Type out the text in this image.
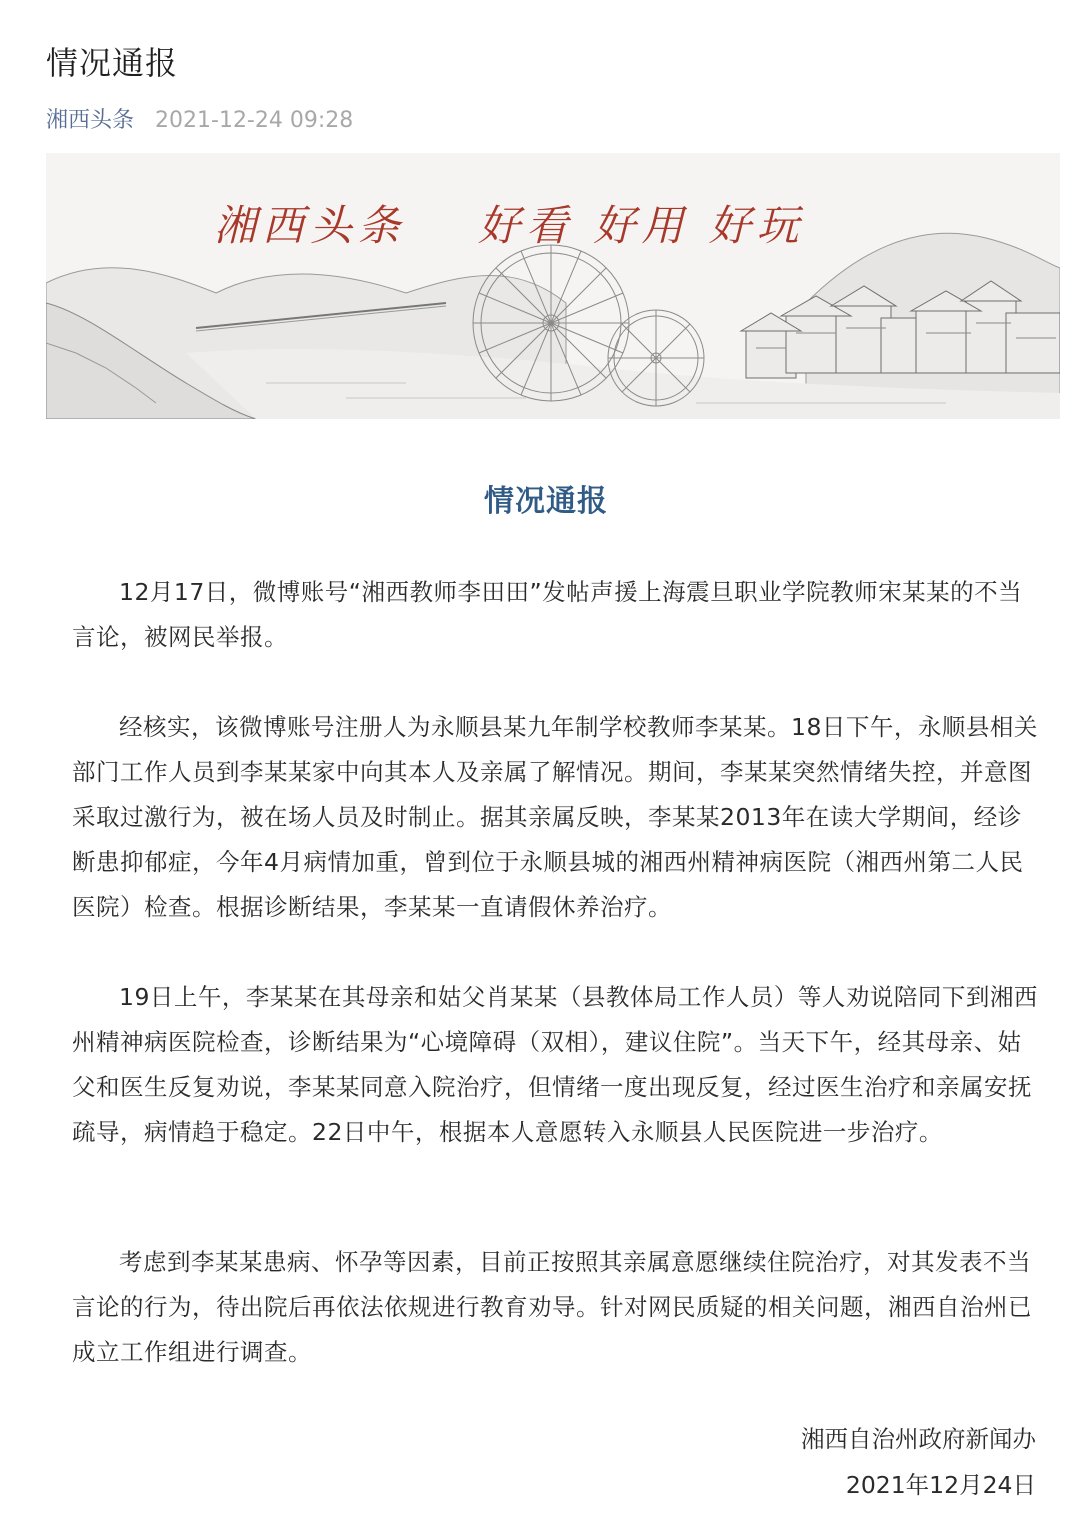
情况通报
湘西头条 2021-12-24 09:28
湘西头条 好看 好用 好玩
情况通报

12月17日，微博账号“湘西教师李田田”发帖声援上海震旦职业学院教师宋某某的不当言论，被网民举报。

经核实，该微博账号注册人为永顺县某九年制学校教师李某某。18日下午，永顺县相关部门工作人员到李某某家中向其本人及亲属了解情况。期间，李某某突然情绪失控，并意图采取过激行为，被在场人员及时制止。据其亲属反映，李某某2013年在读大学期间，经诊断患抑郁症，今年4月病情加重，曾到位于永顺县城的湘西州精神病医院（湘西州第二人民医院）检查。根据诊断结果，李某某一直请假休养治疗。

19日上午，李某某在其母亲和姑父肖某某（县教体局工作人员）等人劝说陪同下到湘西州精神病医院检查，诊断结果为“心境障碍（双相），建议住院”。当天下午，经其母亲、姑父和医生反复劝说，李某某同意入院治疗，但情绪一度出现反复，经过医生治疗和亲属安抚疏导，病情趋于稳定。22日中午，根据本人意愿转入永顺县人民医院进一步治疗。

考虑到李某某患病、怀孕等因素，目前正按照其亲属意愿继续住院治疗，对其发表不当言论的行为，待出院后再依法依规进行教育劝导。针对网民质疑的相关问题，湘西自治州已成立工作组进行调查。

湘西自治州政府新闻办
2021年12月24日
